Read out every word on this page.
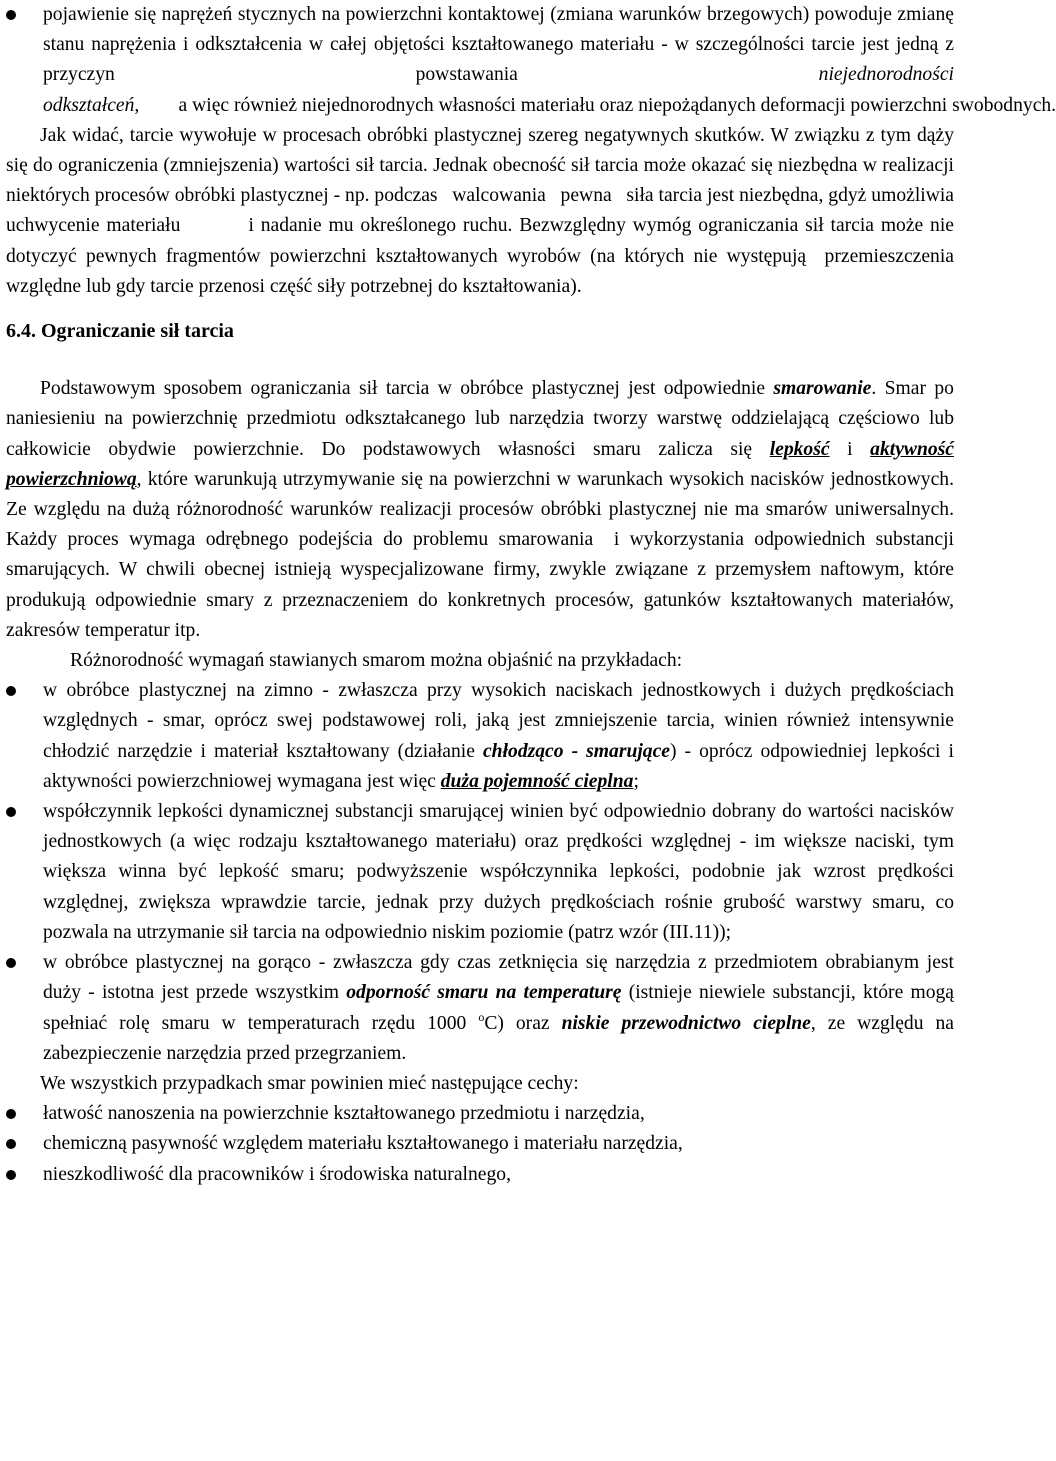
pojawienie się naprężeń stycznych na powierzchni kontaktowej (zmiana warunków brzegowych) powoduje zmianę stanu naprężenia i odkształcenia w całej objętości kształtowanego materiału - w szczególności tarcie jest jedną z przyczyn powstawania	niejednorodności odkształceń,        a więc również niejednorodnych własności materiału oraz niepożądanych deformacji powierzchni swobodnych.

Jak widać, tarcie wywołuje w procesach obróbki plastycznej szereg negatywnych skutków. W związku z tym dąży się do ograniczenia (zmniejszenia) wartości sił tarcia. Jednak obecność sił tarcia może okazać się niezbędna w realizacji niektórych procesów obróbki plastycznej - np. podczas   walcowania   pewna   siła tarcia jest niezbędna, gdyż umożliwia uchwycenie materiału          i nadanie mu określonego ruchu. Bezwzględny wymóg ograniczania sił tarcia może nie dotyczyć pewnych fragmentów powierzchni kształtowanych wyrobów (na których nie występują  przemieszczenia względne lub gdy tarcie przenosi część siły potrzebnej do kształtowania).

6.4. Ograniczanie sił tarcia

Podstawowym sposobem ograniczania sił tarcia w obróbce plastycznej jest odpowiednie smarowanie. Smar po naniesieniu na powierzchnię przedmiotu odkształcanego lub narzędzia tworzy warstwę oddzielającą częściowo lub całkowicie obydwie powierzchnie. Do podstawowych własności smaru zalicza się lepkość i aktywność powierzchniową, które warunkują utrzymywanie się na powierzchni w warunkach wysokich nacisków jednostkowych. Ze względu na dużą różnorodność warunków realizacji procesów obróbki plastycznej nie ma smarów uniwersalnych. Każdy proces wymaga odrębnego podejścia do problemu smarowania  i wykorzystania odpowiednich substancji smarujących. W chwili obecnej istnieją wyspecjalizowane firmy, zwykle związane z przemysłem naftowym, które produkują odpowiednie smary z przeznaczeniem do konkretnych procesów, gatunków kształtowanych materiałów, zakresów temperatur itp.

Różnorodność wymagań stawianych smarom można objaśnić na przykładach:

w obróbce plastycznej na zimno - zwłaszcza przy wysokich naciskach jednostkowych i dużych prędkościach względnych - smar, oprócz swej podstawowej roli, jaką jest zmniejszenie tarcia, winien również intensywnie chłodzić narzędzie i materiał kształtowany (działanie chłodząco - smarujące) - oprócz odpowiedniej lepkości i aktywności powierzchniowej wymagana jest więc duża pojemność cieplna;
współczynnik lepkości dynamicznej substancji smarującej winien być odpowiednio dobrany do wartości nacisków jednostkowych (a więc rodzaju kształtowanego materiału) oraz prędkości względnej - im większe naciski, tym większa winna być lepkość smaru; podwyższenie współczynnika lepkości, podobnie jak wzrost prędkości względnej, zwiększa wprawdzie tarcie, jednak przy dużych prędkościach rośnie grubość warstwy smaru, co pozwala na utrzymanie sił tarcia na odpowiednio niskim poziomie (patrz wzór (III.11));
w obróbce plastycznej na gorąco - zwłaszcza gdy czas zetknięcia się narzędzia z przedmiotem obrabianym jest duży - istotna jest przede wszystkim odporność smaru na temperaturę (istnieje niewiele substancji, które mogą spełniać rolę smaru w temperaturach rzędu 1000 $^o$C) oraz niskie przewodnictwo cieplne, ze względu na zabezpieczenie narzędzia przed przegrzaniem.

We wszystkich przypadkach smar powinien mieć następujące cechy:

łatwość nanoszenia na powierzchnie kształtowanego przedmiotu i narzędzia,
chemiczną pasywność względem materiału kształtowanego i materiału narzędzia,
nieszkodliwość dla pracowników i środowiska naturalnego,
